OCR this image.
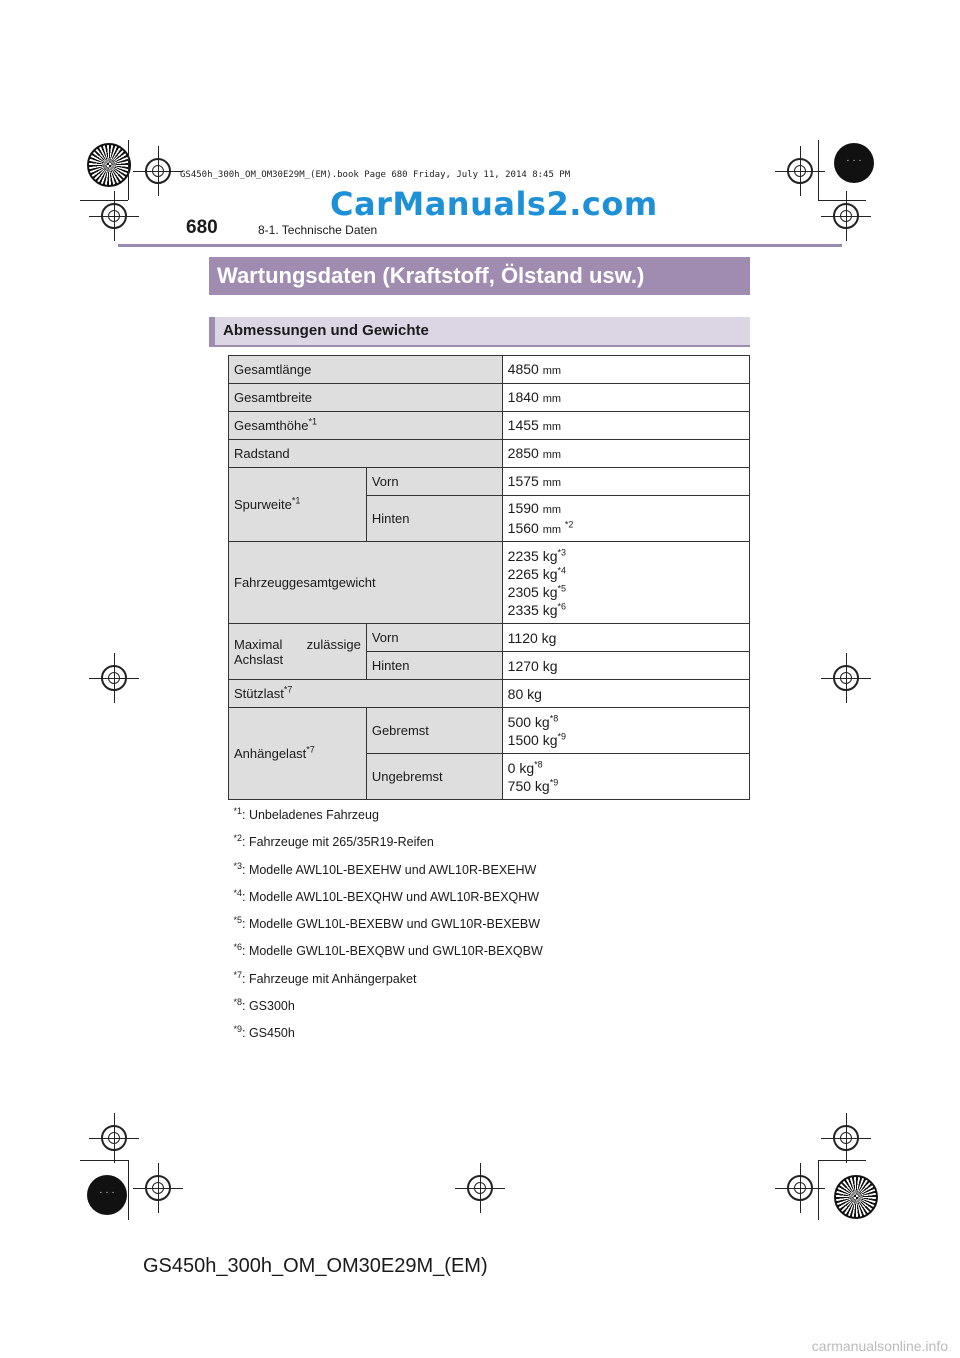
· · ·
· · ·
GS450h_300h_OM_OM30E29M_(EM).book Page 680 Friday, July 11, 2014 8:45 PM
CarManuals2.com
680	8-1. Technische Daten
Wartungsdaten (Kraftstoff, Ölstand usw.)
Abmessungen und Gewichte
Gesamtlänge		4850 mm
Gesamtbreite		1840 mm
Gesamthöhe$^{*1}$		1455 mm
Radstand		2850 mm
Spurweite$^{*1}$	Vorn	1575 mm
	Hinten	1590 mm
1560 mm $^{*2}$

Fahrzeuggesamtgewicht		2235 $kg^{*3}$
2265 $kg^{*4}$
2305 $kg^{*5}$
2335 $kg^{*6}$

Maximal zulässige Achslast	Vorn	1120 kg
	Hinten	1270 kg
Stützlast$^{*7}$		80 kg
Anhängelast$^{*7}$	Gebremst	500 $kg^{*8}$
1500 $kg^{*9}$

	Ungebremst	0 $kg^{*8}$
750 $kg^{*9}$
$^{*1}$: Unbeladenes Fahrzeug
$^{*2}$: Fahrzeuge mit 265/35R19-Reifen
$^{*3}$: Modelle AWL10L-BEXEHW und AWL10R-BEXEHW
$^{*4}$: Modelle AWL10L-BEXQHW und AWL10R-BEXQHW
$^{*5}$: Modelle GWL10L-BEXEBW und GWL10R-BEXEBW
$^{*6}$: Modelle GWL10L-BEXQBW und GWL10R-BEXQBW
$^{*7}$: Fahrzeuge mit Anhängerpaket
$^{*8}$: GS300h
$^{*9}$: GS450h
GS450h_300h_OM_OM30E29M_(EM)
carmanualsonline.info
